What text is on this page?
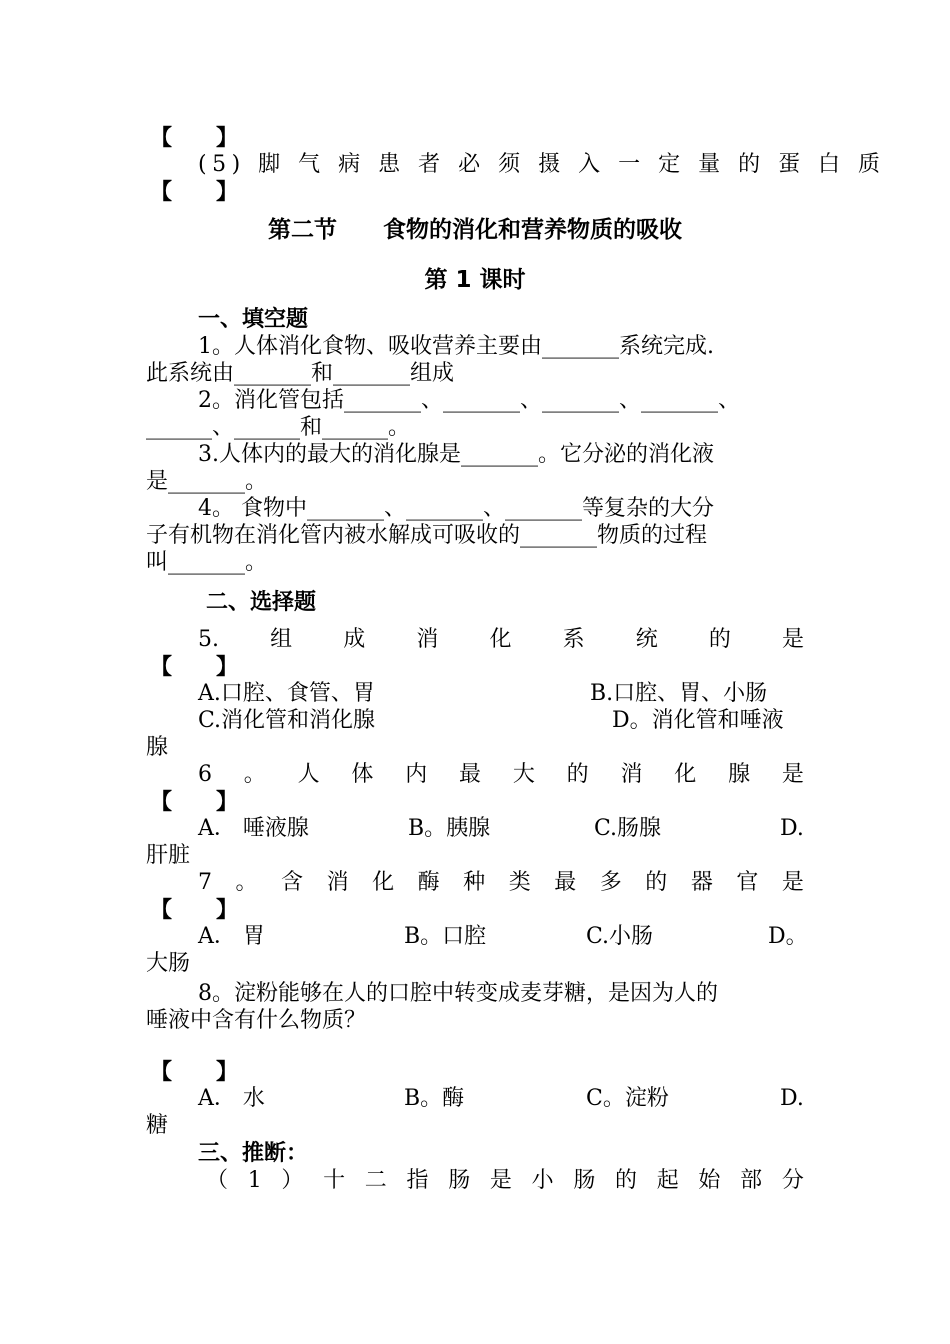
【　　】
(5) 脚 气 病 患 者 必 须 摄 入 一 定 量 的 蛋 白 质
【　　】
第二节　　食物的消化和营养物质的吸收
第 1 课时
一、填空题
1。人体消化食物、吸收营养主要由_______系统完成.
此系统由_______和_______组成
2。消化管包括_______、_______、_______、_______、
______、______和______。
3.人体内的最大的消化腺是_______。它分泌的消化液
是_______。
4。 食物中_______、_______、_______等复杂的大分
子有机物在消化管内被水解成可吸收的_______物质的过程
叫_______。
二、选择题
5. 组 成 消 化 系 统 的 是
【　　】
A.口腔、食管、胃	B.口腔、胃、小肠
C.消化管和消化腺	D。消化管和唾液
腺
6 。 人 体 内 最 大 的 消 化 腺 是
【　　】
A． 唾液腺	B。胰腺	C.肠腺	D.
肝脏
7 。 含 消 化 酶 种 类 最 多 的 器 官 是
【　　】
A． 胃	B。口腔	C.小肠	D。
大肠
8。淀粉能够在人的口腔中转变成麦芽糖，是因为人的
唾液中含有什么物质？
【　　】
A． 水	B。酶	C。淀粉	D.
糖
三、推断：
（ 1 ） 十 二 指 肠 是 小 肠 的 起 始 部 分
